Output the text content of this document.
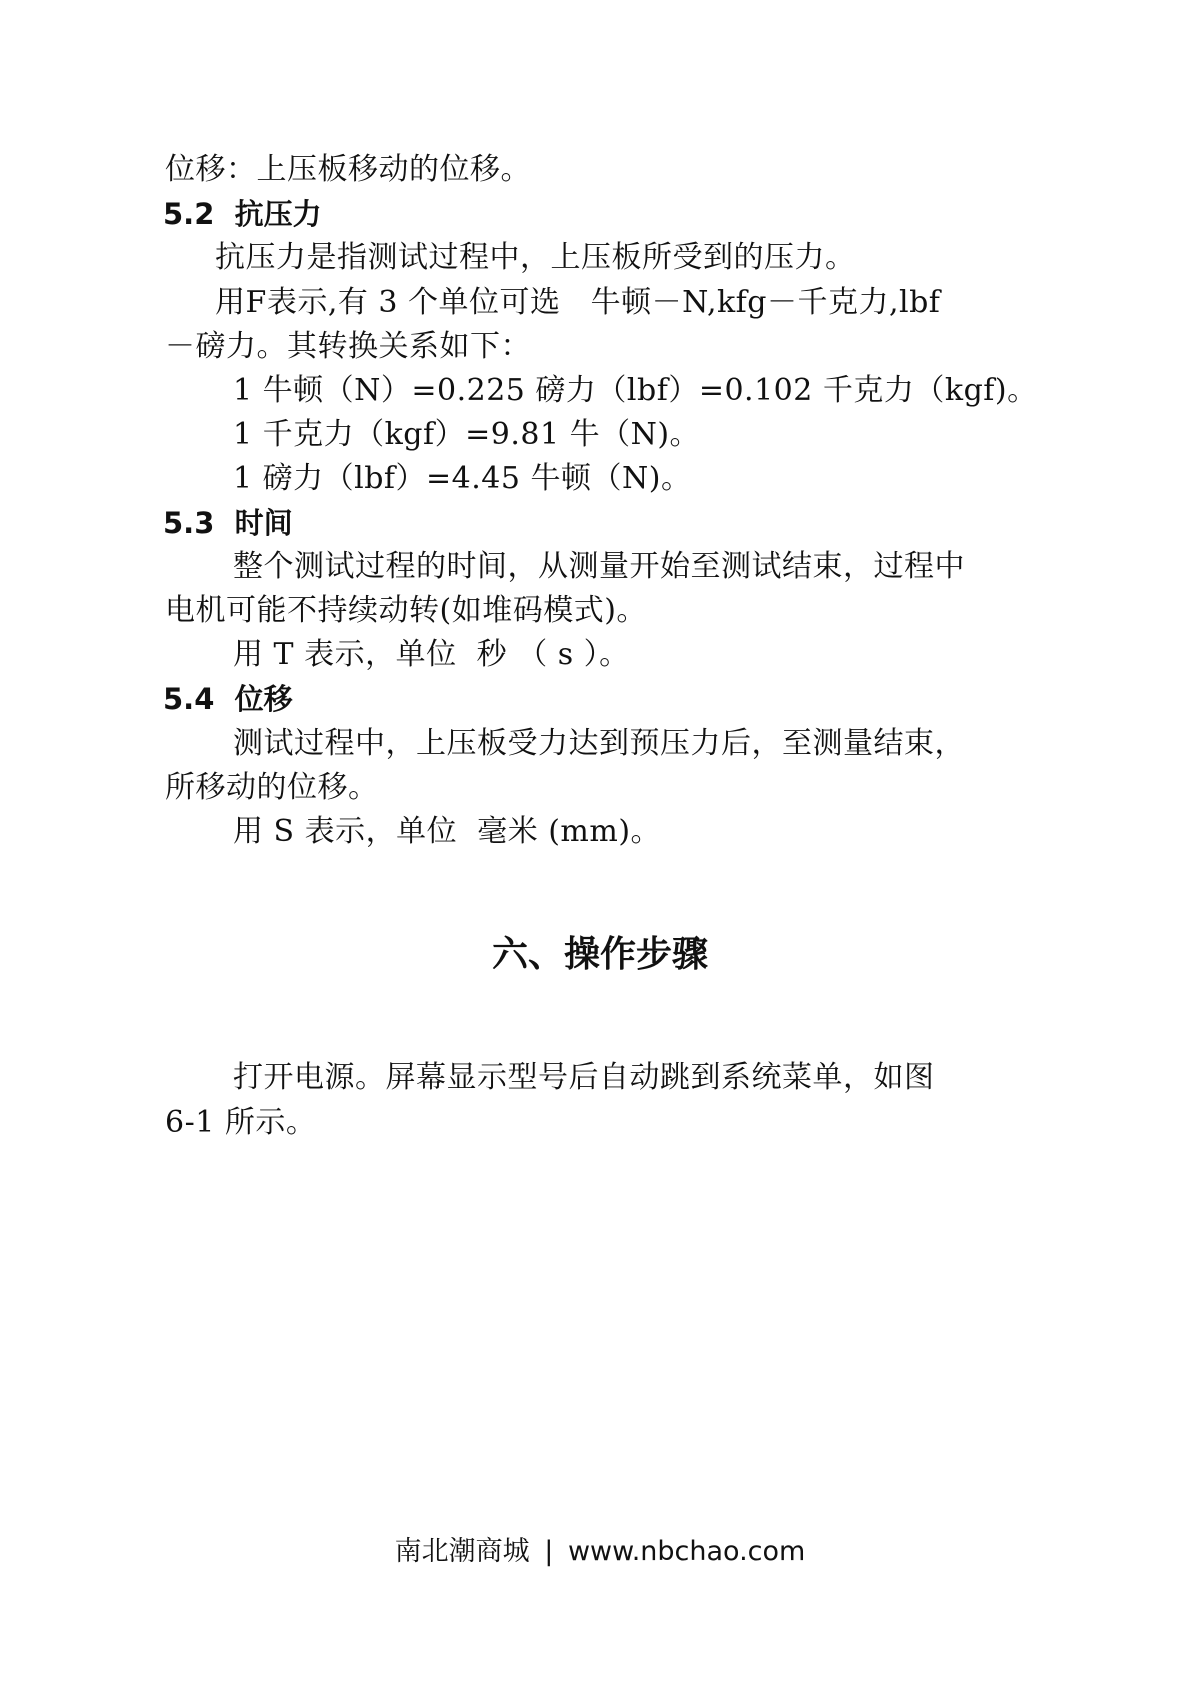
位移：上压板移动的位移。
5.2  抗压力
抗压力是指测试过程中，上压板所受到的压力。
用F表示,有 3 个单位可选   牛顿－N,kfg－千克力,lbf
－磅力。其转换关系如下：
1 牛顿（N）=0.225 磅力（lbf）=0.102 千克力（kgf)。
1 千克力（kgf）=9.81 牛（N)。
1 磅力（lbf）=4.45 牛顿（N)。
5.3  时间
整个测试过程的时间，从测量开始至测试结束，过程中
电机可能不持续动转(如堆码模式)。
用 T 表示，单位  秒 （ s ）。
5.4  位移
测试过程中，上压板受力达到预压力后，至测量结束，
所移动的位移。
用 S 表示，单位  毫米 (mm)。
六、操作步骤
打开电源。屏幕显示型号后自动跳到系统菜单，如图
6-1 所示。
南北潮商城 | www.nbchao.com
